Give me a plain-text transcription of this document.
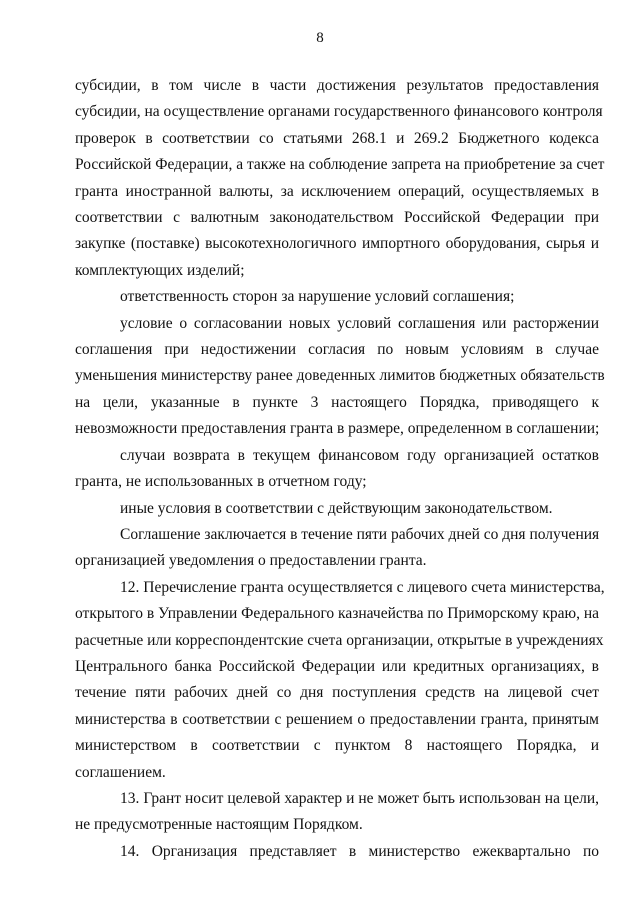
8
субсидии, в том числе в части достижения результатов предоставления
субсидии, на осуществление органами государственного финансового контроля
проверок в соответствии со статьями 268.1 и 269.2 Бюджетного кодекса
Российской Федерации, а также на соблюдение запрета на приобретение за счет
гранта иностранной валюты, за исключением операций, осуществляемых в
соответствии с валютным законодательством Российской Федерации при
закупке (поставке) высокотехнологичного импортного оборудования, сырья и
комплектующих изделий;
ответственность сторон за нарушение условий соглашения;
условие о согласовании новых условий соглашения или расторжении
соглашения при недостижении согласия по новым условиям в случае
уменьшения министерству ранее доведенных лимитов бюджетных обязательств
на цели, указанные в пункте 3 настоящего Порядка, приводящего к
невозможности предоставления гранта в размере, определенном в соглашении;
случаи возврата в текущем финансовом году организацией остатков
гранта, не использованных в отчетном году;
иные условия в соответствии с действующим законодательством.
Соглашение заключается в течение пяти рабочих дней со дня получения
организацией уведомления о предоставлении гранта.
12. Перечисление гранта осуществляется с лицевого счета министерства,
открытого в Управлении Федерального казначейства по Приморскому краю, на
расчетные или корреспондентские счета организации, открытые в учреждениях
Центрального банка Российской Федерации или кредитных организациях, в
течение пяти рабочих дней со дня поступления средств на лицевой счет
министерства в соответствии с решением о предоставлении гранта, принятым
министерством в соответствии с пунктом 8 настоящего Порядка, и
соглашением.
13. Грант носит целевой характер и не может быть использован на цели,
не предусмотренные настоящим Порядком.
14. Организация представляет в министерство ежеквартально по
